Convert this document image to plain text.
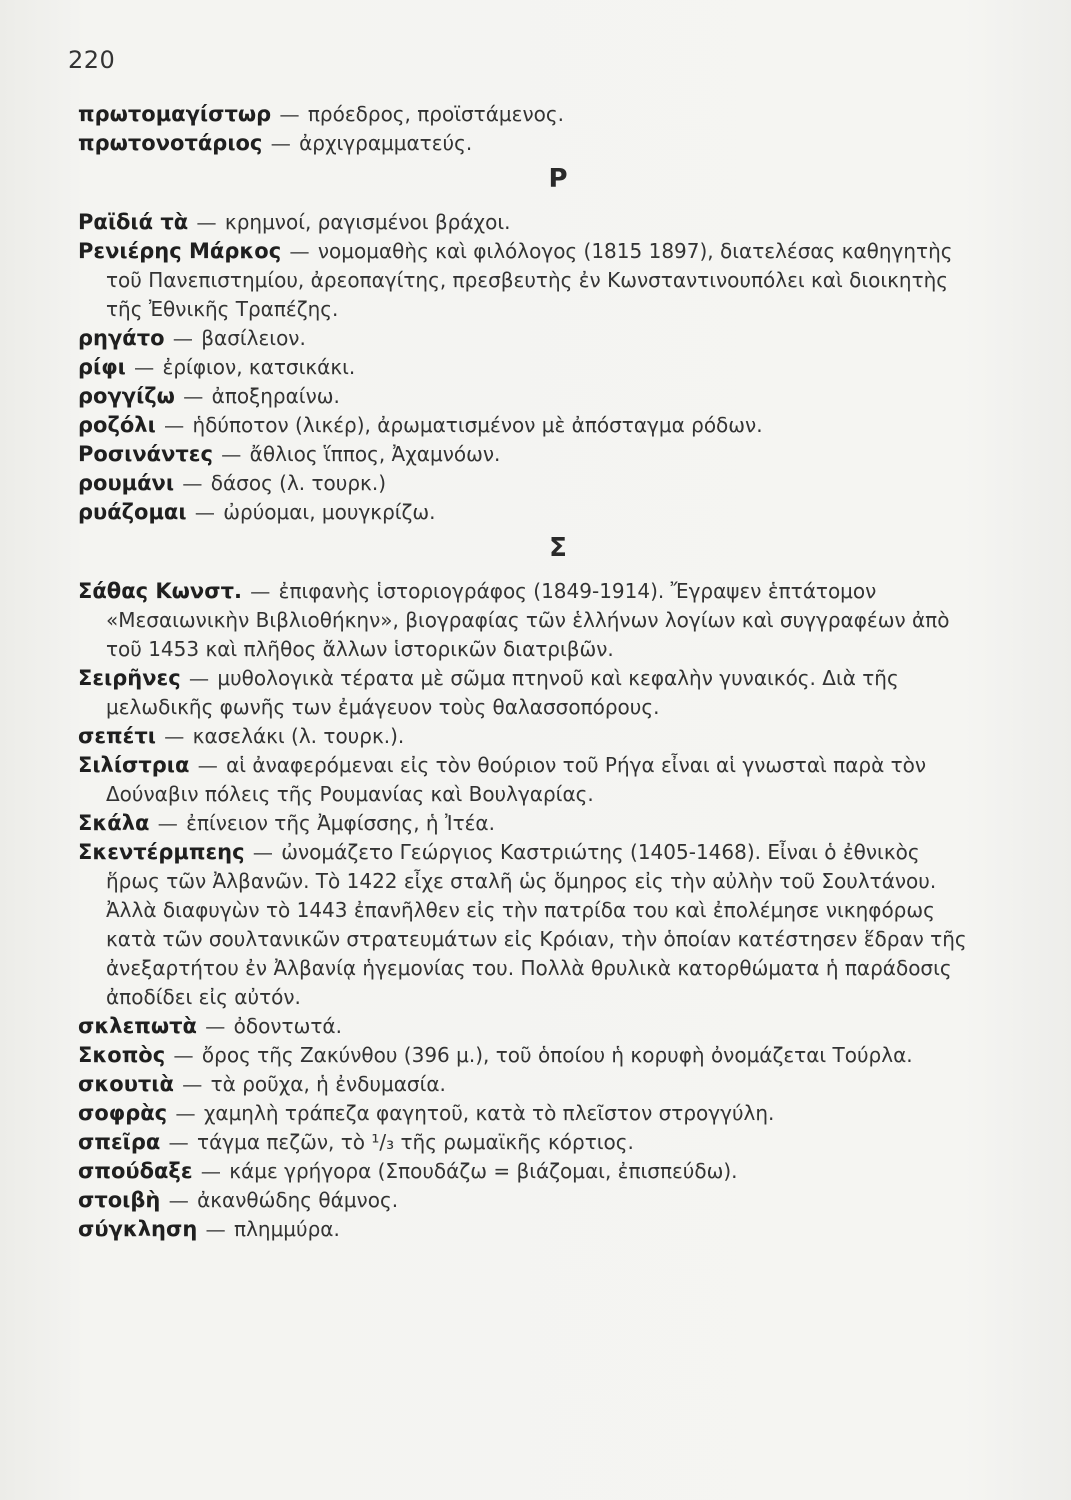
220

πρωτομαγίστωρ — πρόεδρος, προϊστάμενος.

πρωτονοτάριος — ἀρχιγραμματεύς.

Ρ

Ραϊδιά τὰ — κρημνοί, ραγισμένοι βράχοι.

Ρενιέρης Μάρκος — νομομαθὴς καὶ φιλόλογος (1815 1897), διατελέσας καθηγητὴς τοῦ Πανεπιστημίου, ἀρεοπαγίτης, πρεσβευτὴς ἐν Κωνσταντινουπόλει καὶ διοικητὴς τῆς Ἐθνικῆς Τραπέζης.

ρηγάτο — βασίλειον.

ρίφι — ἐρίφιον, κατσικάκι.

ρογγίζω — ἀποξηραίνω.

ροζόλι — ἡδύποτον (λικέρ), ἀρωματισμένον μὲ ἀπόσταγμα ρόδων.

Ροσινάντες — ἄθλιος ἵππος, Ἀχαμνόων.

ρουμάνι — δάσος (λ. τουρκ.)

ρυάζομαι — ὠρύομαι, μουγκρίζω.

Σ

Σάθας Κωνστ. — ἐπιφανὴς ἱστοριογράφος (1849-1914). Ἔγραψεν ἑπτάτομον «Μεσαιωνικὴν Βιβλιοθήκην», βιογραφίας τῶν ἑλλήνων λογίων καὶ συγγραφέων ἀπὸ τοῦ 1453 καὶ πλῆθος ἄλλων ἱστορικῶν διατριβῶν.

Σειρῆνες — μυθολογικὰ τέρατα μὲ σῶμα πτηνοῦ καὶ κεφαλὴν γυναικός. Διὰ τῆς μελωδικῆς φωνῆς των ἐμάγευον τοὺς θαλασσοπόρους.

σεπέτι — κασελάκι (λ. τουρκ.).

Σιλίστρια — αἱ ἀναφερόμεναι εἰς τὸν θούριον τοῦ Ρήγα εἶναι αἱ γνωσταὶ παρὰ τὸν Δούναβιν πόλεις τῆς Ρουμανίας καὶ Βουλγαρίας.

Σκάλα — ἐπίνειον τῆς Ἀμφίσσης, ἡ Ἰτέα.

Σκεντέρμπεης — ὠνομάζετο Γεώργιος Καστριώτης (1405-1468). Εἶναι ὁ ἐθνικὸς ἥρως τῶν Ἀλβανῶν. Τὸ 1422 εἶχε σταλῆ ὡς ὅμηρος εἰς τὴν αὐλὴν τοῦ Σουλτάνου. Ἀλλὰ διαφυγὼν τὸ 1443 ἐπανῆλθεν εἰς τὴν πατρίδα του καὶ ἐπολέμησε νικηφόρως κατὰ τῶν σουλτανικῶν στρατευμάτων εἰς Κρόιαν, τὴν ὁποίαν κατέστησεν ἕδραν τῆς ἀνεξαρτήτου ἐν Ἀλβανίᾳ ἡγεμονίας του. Πολλὰ θρυλικὰ κατορθώματα ἡ παράδοσις ἀποδίδει εἰς αὐτόν.

σκλεπωτὰ — ὀδοντωτά.

Σκοπὸς — ὄρος τῆς Ζακύνθου (396 μ.), τοῦ ὁποίου ἡ κορυφὴ ὀνομάζεται Τούρλα.

σκουτιὰ — τὰ ροῦχα, ἡ ἐνδυμασία.

σοφρὰς — χαμηλὴ τράπεζα φαγητοῦ, κατὰ τὸ πλεῖστον στρογγύλη.

σπεῖρα — τάγμα πεζῶν, τὸ ¹/₃ τῆς ρωμαϊκῆς κόρτιος.

σπούδαξε — κάμε γρήγορα (Σπουδάζω = βιάζομαι, ἐπισπεύδω).

στοιβὴ — ἀκανθώδης θάμνος.

σύγκληση — πλημμύρα.
